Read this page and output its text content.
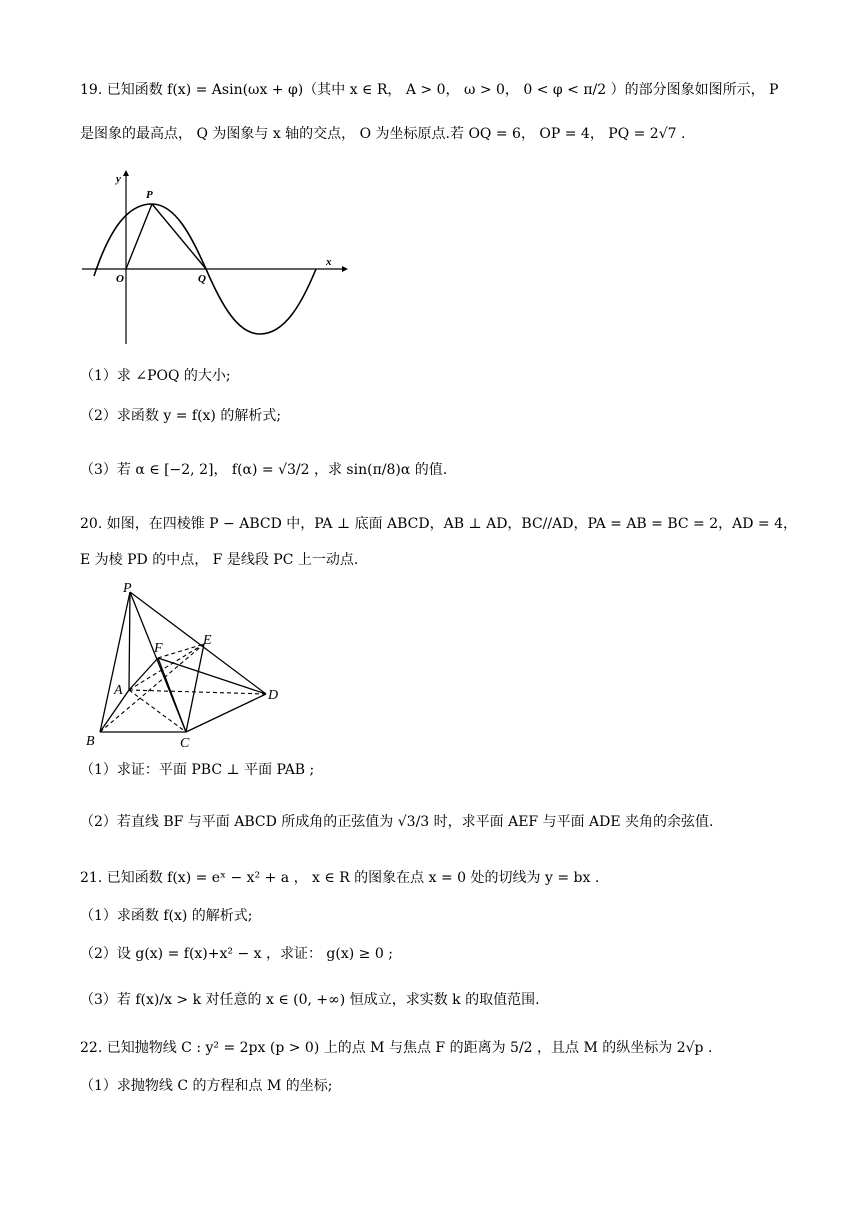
19. 已知函数 f(x) = Asin(ωx + φ)（其中 x ∈ R， A > 0， ω > 0， 0 < φ < π/2 ）的部分图象如图所示， P
是图象的最高点， Q 为图象与 x 轴的交点， O 为坐标原点.若 OQ = 6， OP = 4， PQ = 2√7 .
y
x
P
O	Q
（1）求 ∠POQ 的大小;
（2）求函数 y = f(x) 的解析式;
（3）若 α ∈ [−2, 2]， f(α) = √3/2 ，求 sin(π/8)α 的值.
20. 如图，在四棱锥 P − ABCD 中，PA ⊥ 底面 ABCD，AB ⊥ AD，BC//AD，PA = AB = BC = 2，AD = 4，
E 为棱 PD 的中点， F 是线段 PC 上一动点.
P
E
F
A	D
B	C
（1）求证：平面 PBC ⊥ 平面 PAB ;
（2）若直线 BF 与平面 ABCD 所成角的正弦值为 √3/3 时，求平面 AEF 与平面 ADE 夹角的余弦值.
21. 已知函数 f(x) = eˣ − x² + a ， x ∈ R 的图象在点 x = 0 处的切线为 y = bx .
（1）求函数 f(x) 的解析式;
（2）设 g(x) = f(x)+x² − x ，求证： g(x) ≥ 0 ;
（3）若 f(x)/x > k 对任意的 x ∈ (0, +∞) 恒成立，求实数 k 的取值范围.
22. 已知抛物线 C : y² = 2px (p > 0) 上的点 M 与焦点 F 的距离为 5/2 ，且点 M 的纵坐标为 2√p .
（1）求抛物线 C 的方程和点 M 的坐标;
